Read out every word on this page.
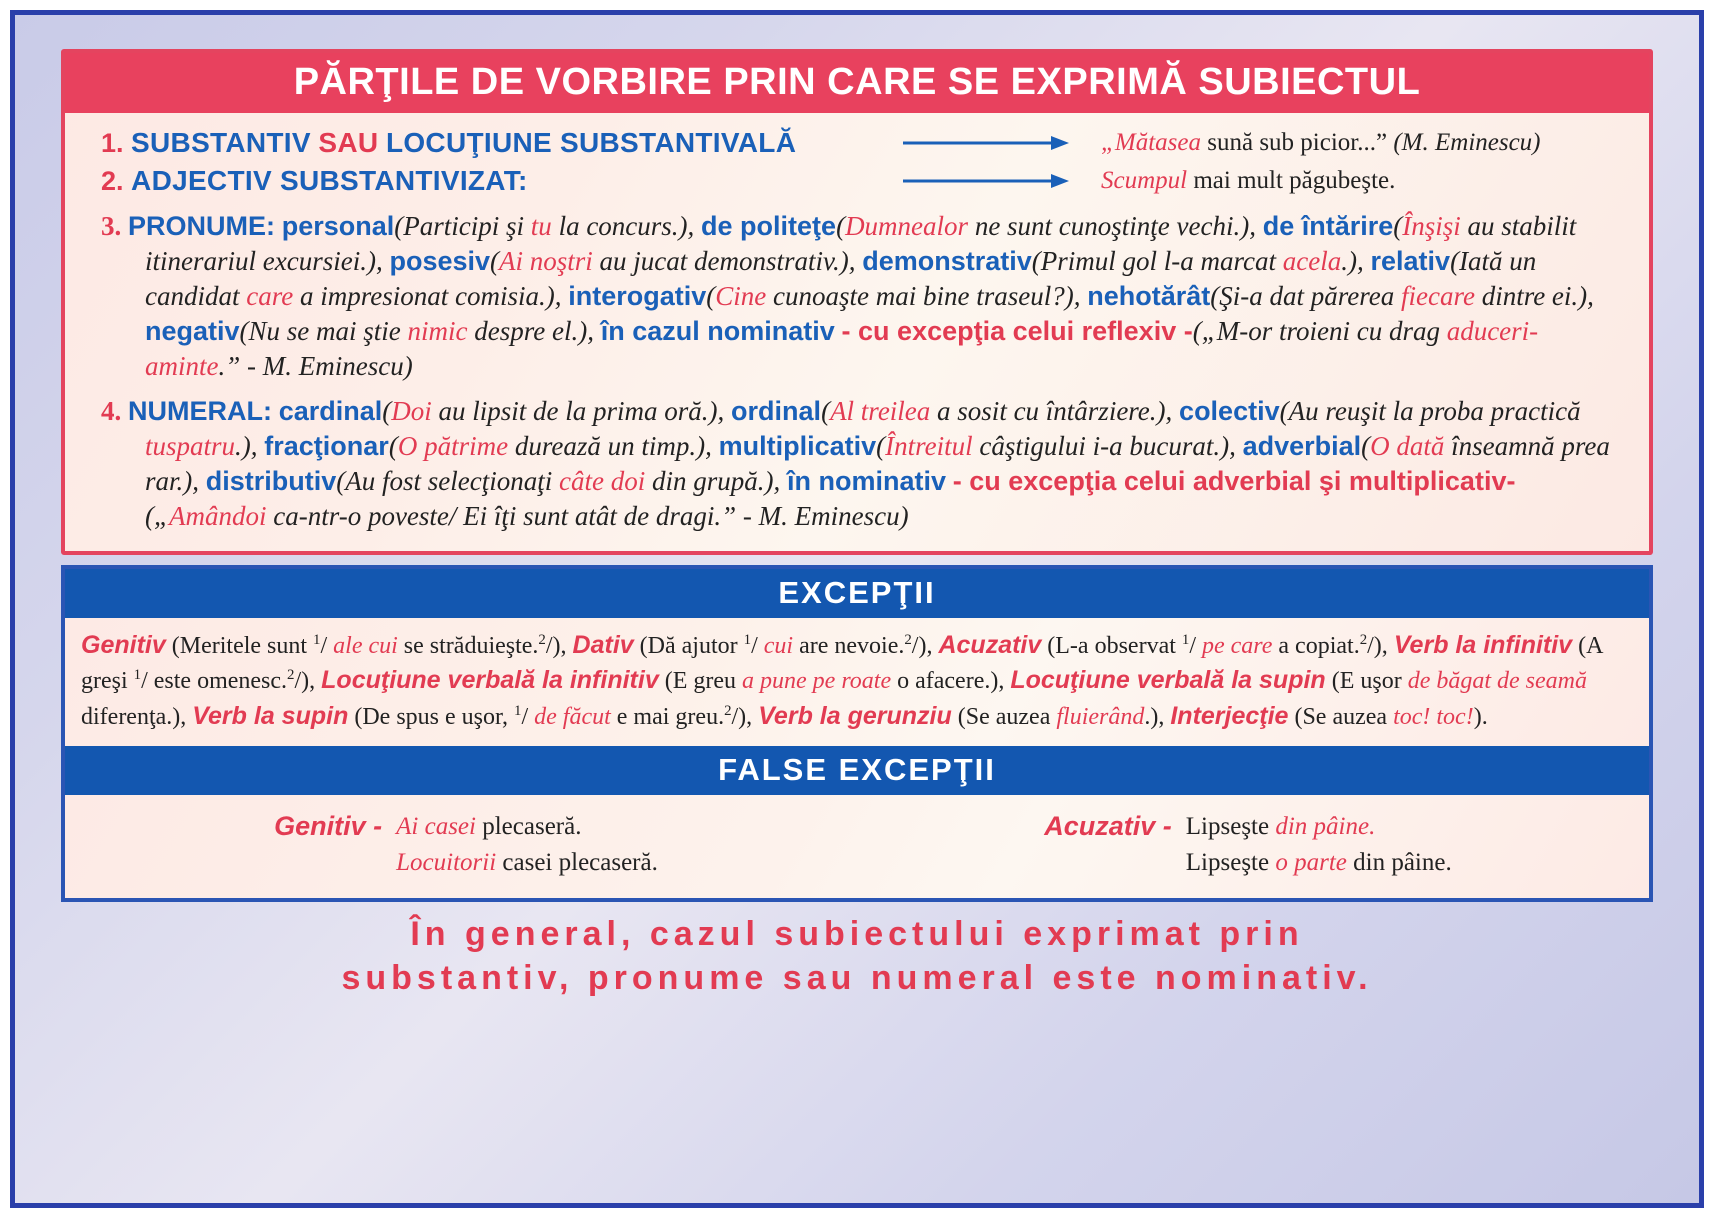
PĂRŢILE DE VORBIRE PRIN CARE SE EXPRIMĂ SUBIECTUL
1. SUBSTANTIV SAU LOCUŢIUNE SUBSTANTIVALĂ	„Mătasea sună sub picior...” (M. Eminescu)
2. ADJECTIV SUBSTANTIVIZAT:	Scumpul mai mult păgubeşte.
3. PRONUME: personal(Participi şi tu la concurs.), de politeţe(Dumnealor ne sunt cunoştinţe vechi.), de întărire(Înşişi au stabilit itinerariul excursiei.), posesiv(Ai noştri au jucat demonstrativ.), demonstrativ(Primul gol l-a marcat acela.), relativ(Iată un candidat care a impresionat comisia.), interogativ(Cine cunoaşte mai bine traseul?), nehotărât(Şi-a dat părerea fiecare dintre ei.), negativ(Nu se mai ştie nimic despre el.), în cazul nominativ - cu excepţia celui reflexiv -(„M-or troieni cu drag aduceri-aminte.” - M. Eminescu)
4. NUMERAL: cardinal(Doi au lipsit de la prima oră.), ordinal(Al treilea a sosit cu întârziere.), colectiv(Au reuşit la proba practică tuspatru.), fracţionar(O pătrime durează un timp.), multiplicativ(Întreitul câştigului i-a bucurat.), adverbial(O dată înseamnă prea rar.), distributiv(Au fost selecţionaţi câte doi din grupă.), în nominativ - cu excepţia celui adverbial şi multiplicativ-(„Amândoi ca-ntr-o poveste/ Ei îţi sunt atât de dragi.” - M. Eminescu)
EXCEPŢII
Genitiv (Meritele sunt $^1$/ ale cui se străduieşte.$^2$/), Dativ (Dă ajutor $^1$/ cui are nevoie.$^2$/), Acuzativ (L-a observat $^1$/ pe care a copiat.$^2$/), Verb la infinitiv (A greşi $^1$/ este omenesc.$^2$/), Locuţiune verbală la infinitiv (E greu a pune pe roate o afacere.), Locuţiune verbală la supin (E uşor de băgat de seamă diferenţa.), Verb la supin (De spus e uşor, $^1$/ de făcut e mai greu.$^2$/), Verb la gerunziu (Se auzea fluierând.), Interjecţie (Se auzea toc! toc!).
FALSE EXCEPŢII
Genitiv - Ai casei plecaseră.
Locuitorii casei plecaseră.
Acuzativ - Lipseşte din pâine.
Lipseşte o parte din pâine.
În general, cazul subiectului exprimat prin
substantiv, pronume sau numeral este nominativ.
